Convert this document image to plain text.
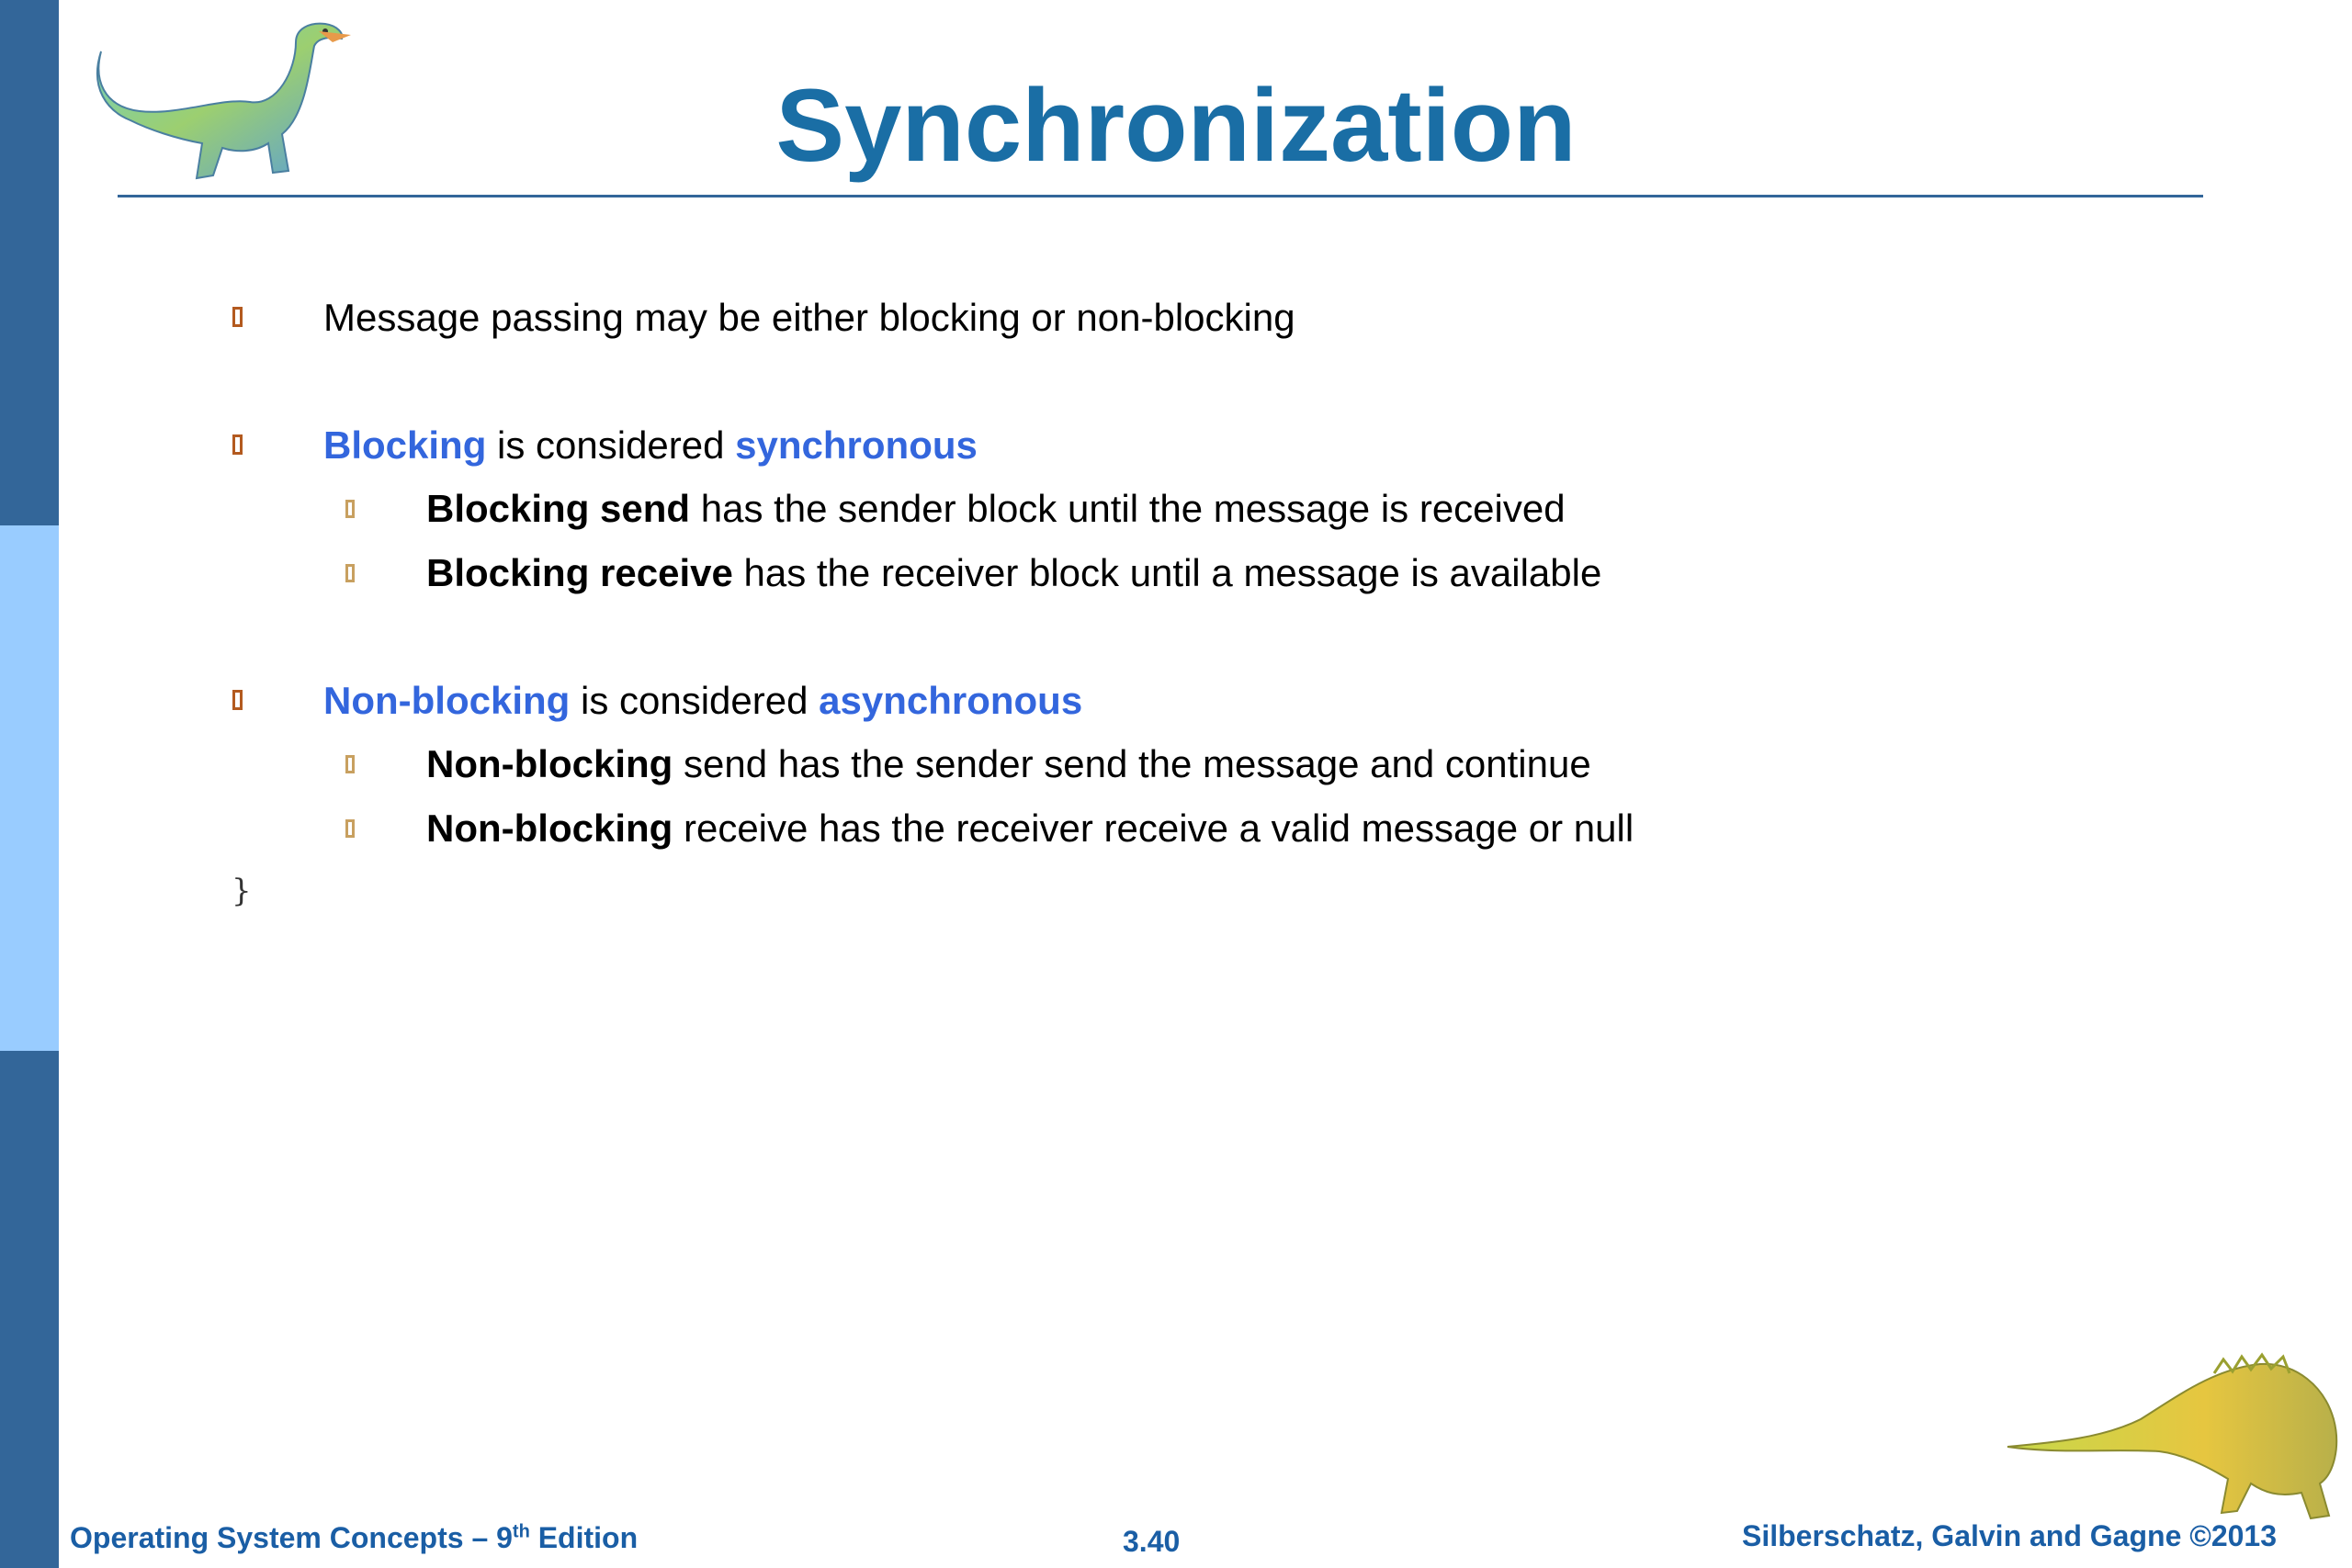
Synchronization
Message passing may be either blocking or non-blocking
Blocking is considered synchronous
Blocking send has the sender block until the message is received
Blocking receive has the receiver block until a message is available
Non-blocking is considered asynchronous
Non-blocking send has the sender send the message and continue
Non-blocking receive has the receiver receive a valid message or null
}
Operating System Concepts – 9th Edition	3.40	Silberschatz, Galvin and Gagne ©2013
